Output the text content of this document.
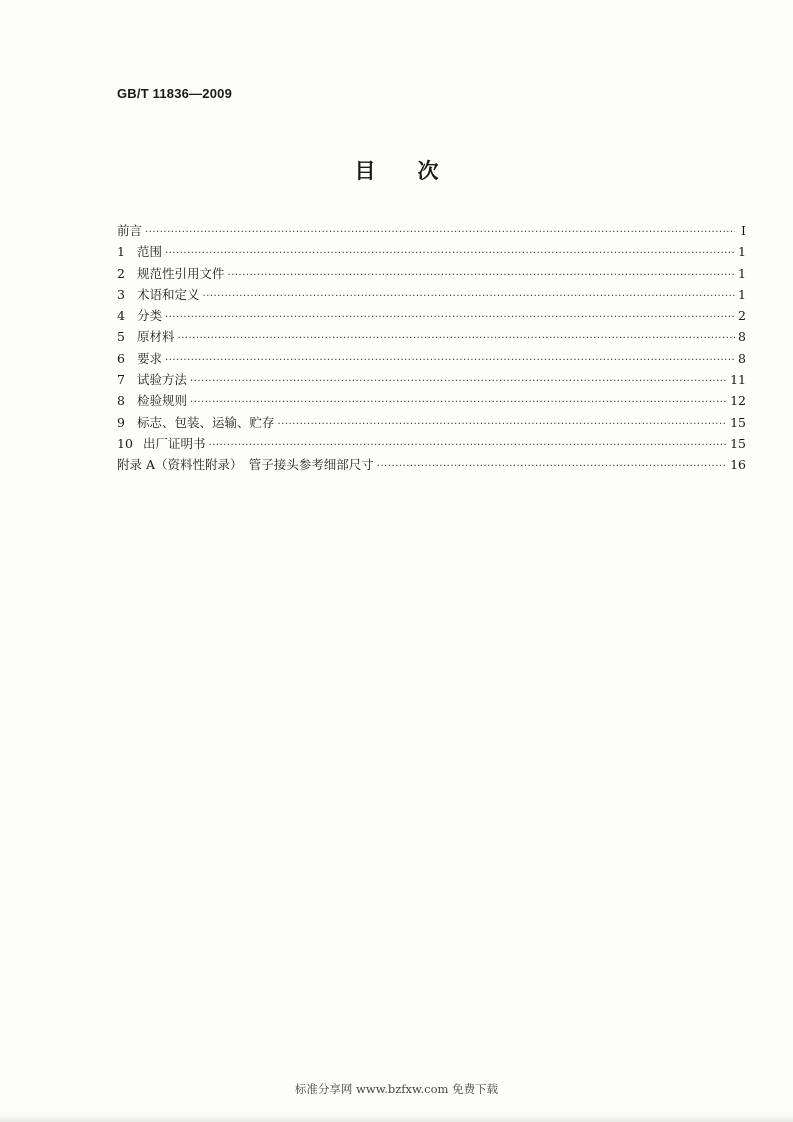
GB/T 11836—2009
目　　次
前言 ·····	I
1 范围 ·····	1
2 规范性引用文件 ·····	1
3 术语和定义 ·····	1
4 分类 ·····	2
5 原材料 ·····	8
6 要求 ·····	8
7 试验方法 ·····	11
8 检验规则 ·····	12
9 标志、包装、运输、贮存 ·····	15
10 出厂证明书 ·····	15
附录 A（资料性附录）　管子接头参考细部尺寸 ·····	16
标准分享网 www.bzfxw.com 免费下载
